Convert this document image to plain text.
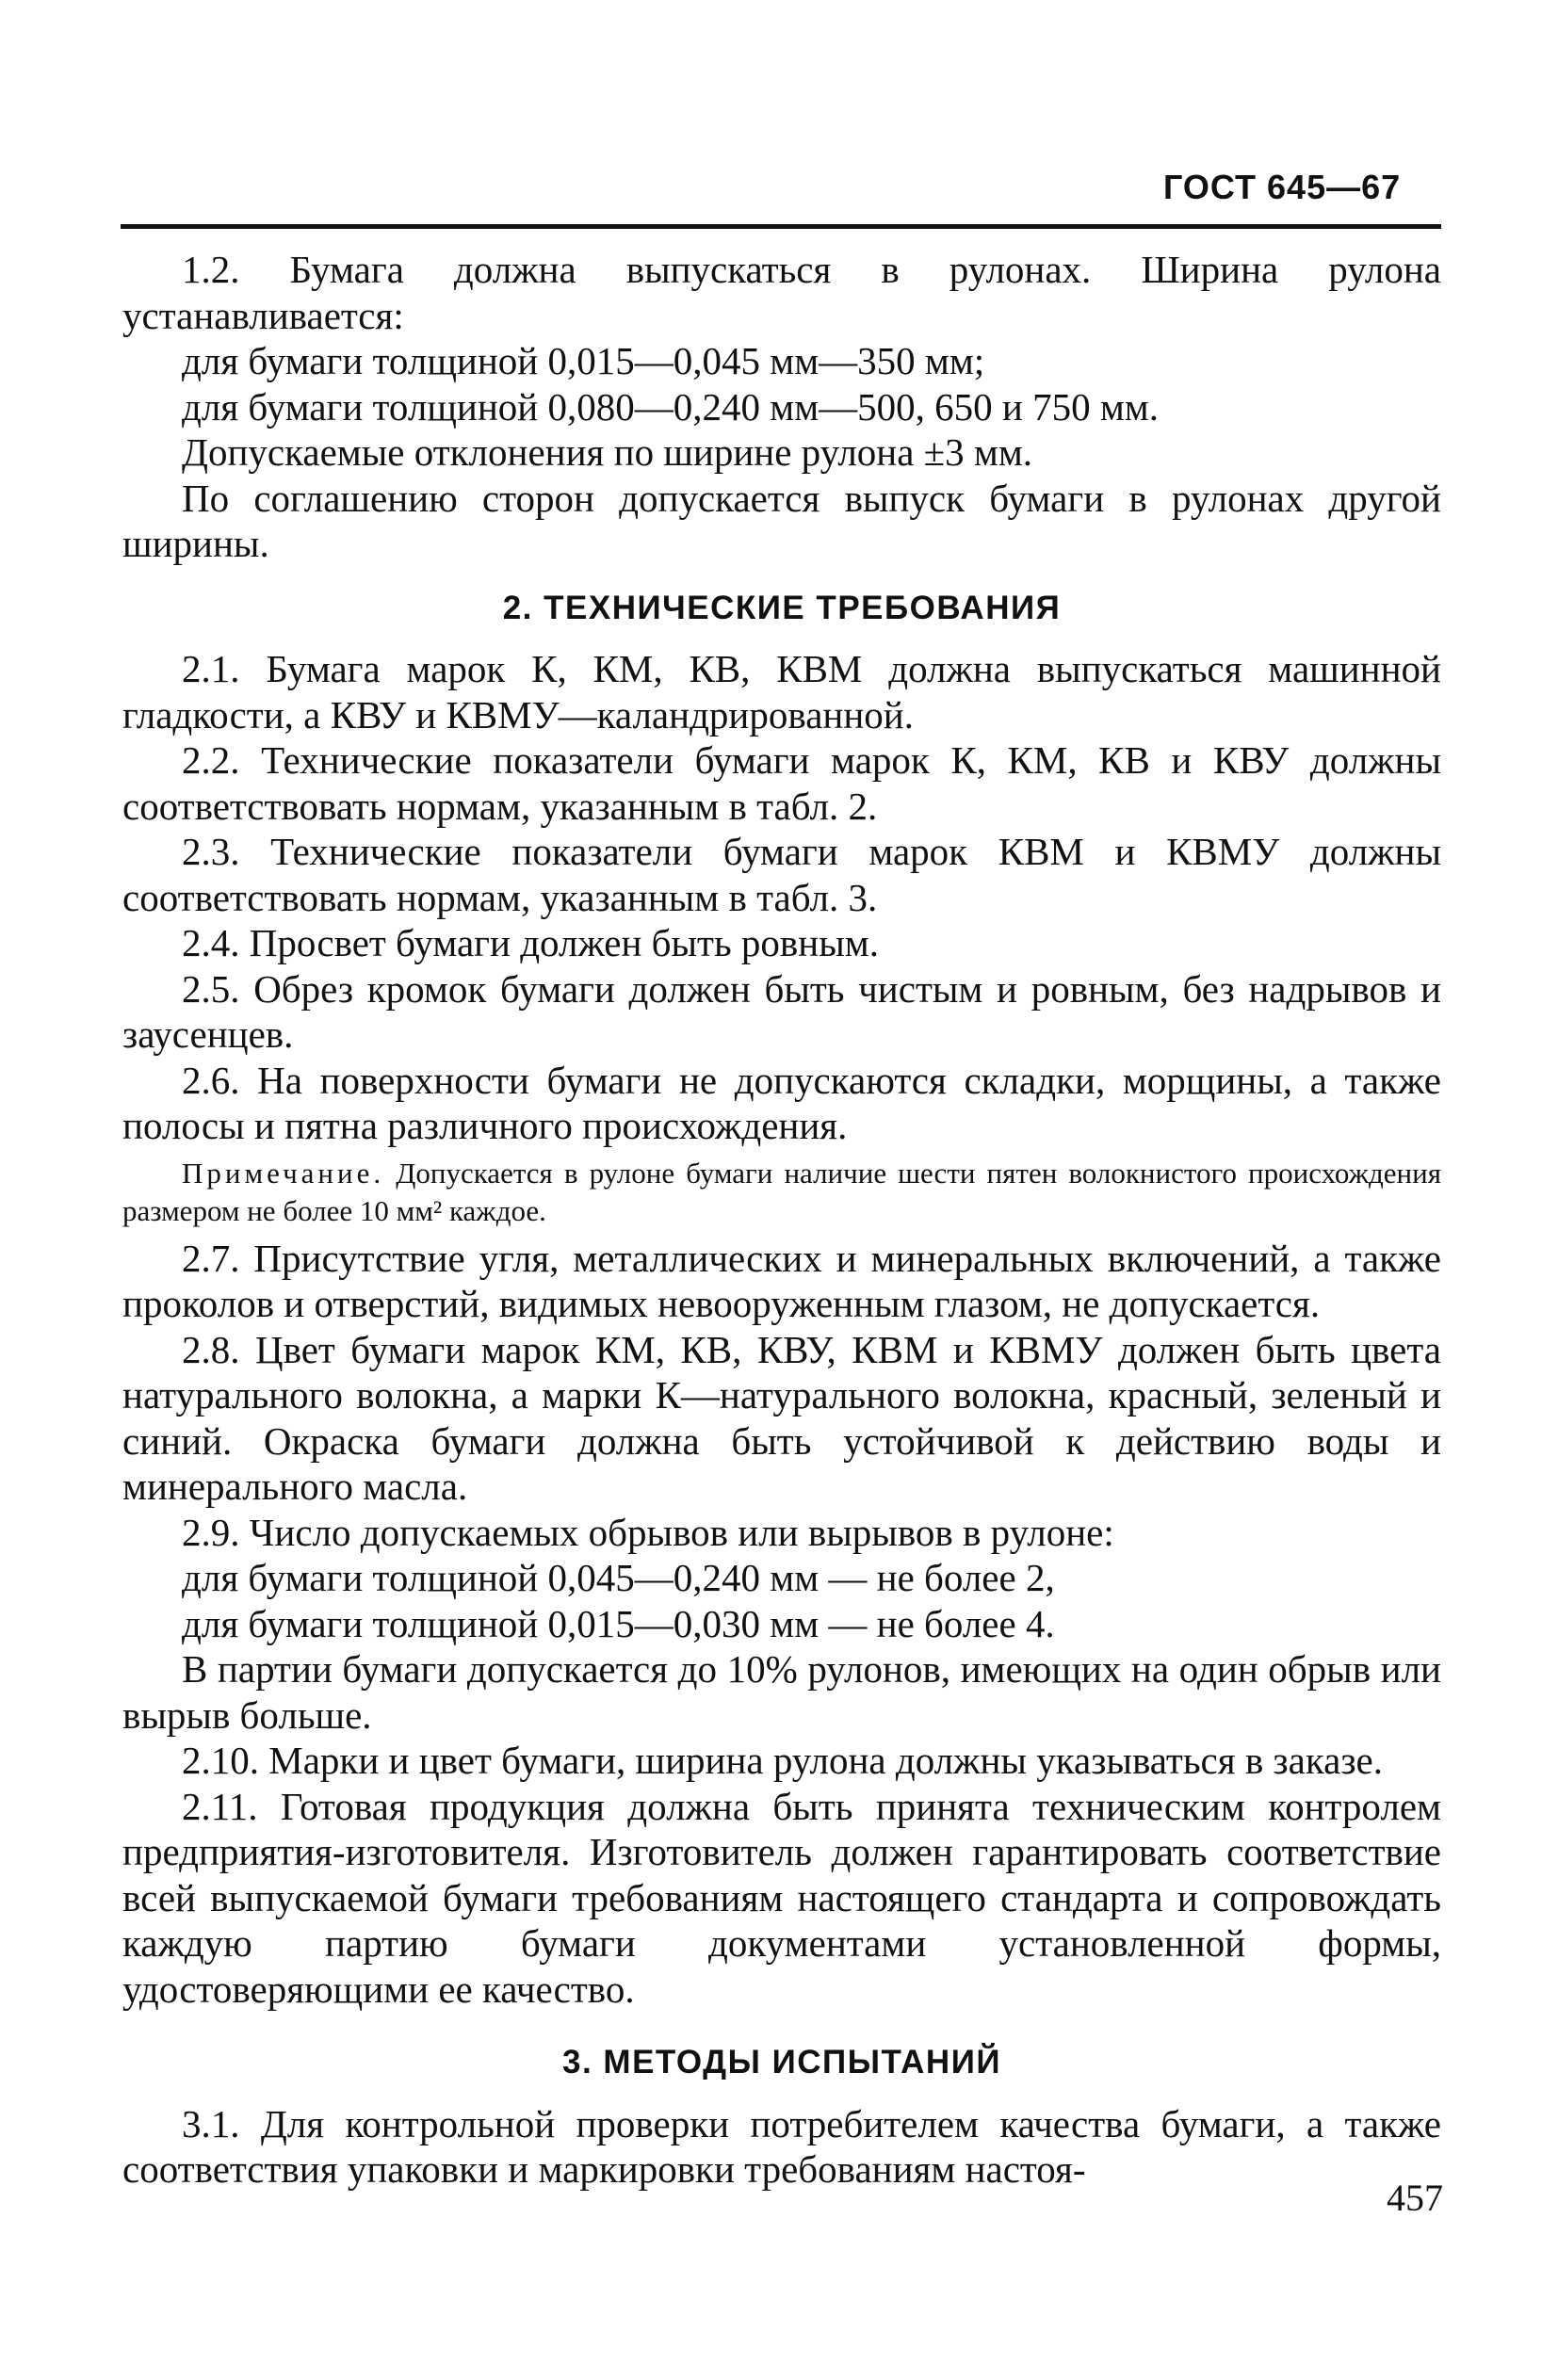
ГОСТ 645—67

1.2. Бумага должна выпускаться в рулонах. Ширина рулона устанавливается:

для бумаги толщиной 0,015—0,045 мм—350 мм;

для бумаги толщиной 0,080—0,240 мм—500, 650 и 750 мм.

Допускаемые отклонения по ширине рулона ±3 мм.

По соглашению сторон допускается выпуск бумаги в рулонах другой ширины.

2. ТЕХНИЧЕСКИЕ ТРЕБОВАНИЯ

2.1. Бумага марок К, КМ, КВ, КВМ должна выпускаться машинной гладкости, а КВУ и КВМУ—каландрированной.

2.2. Технические показатели бумаги марок К, КМ, КВ и КВУ должны соответствовать нормам, указанным в табл. 2.

2.3. Технические показатели бумаги марок КВМ и КВМУ должны соответствовать нормам, указанным в табл. 3.

2.4. Просвет бумаги должен быть ровным.

2.5. Обрез кромок бумаги должен быть чистым и ровным, без надрывов и заусенцев.

2.6. На поверхности бумаги не допускаются складки, морщины, а также полосы и пятна различного происхождения.

Примечание. Допускается в рулоне бумаги наличие шести пятен волокнистого происхождения размером не более 10 мм² каждое.

2.7. Присутствие угля, металлических и минеральных включений, а также проколов и отверстий, видимых невооруженным глазом, не допускается.

2.8. Цвет бумаги марок КМ, КВ, КВУ, КВМ и КВМУ должен быть цвета натурального волокна, а марки К—натурального волокна, красный, зеленый и синий. Окраска бумаги должна быть устойчивой к действию воды и минерального масла.

2.9. Число допускаемых обрывов или вырывов в рулоне:

для бумаги толщиной 0,045—0,240 мм — не более 2,

для бумаги толщиной 0,015—0,030 мм — не более 4.

В партии бумаги допускается до 10% рулонов, имеющих на один обрыв или вырыв больше.

2.10. Марки и цвет бумаги, ширина рулона должны указываться в заказе.

2.11. Готовая продукция должна быть принята техническим контролем предприятия-изготовителя. Изготовитель должен гарантировать соответствие всей выпускаемой бумаги требованиям настоящего стандарта и сопровождать каждую партию бумаги документами установленной формы, удостоверяющими ее качество.

3. МЕТОДЫ ИСПЫТАНИЙ

3.1. Для контрольной проверки потребителем качества бумаги, а также соответствия упаковки и маркировки требованиям настоя-

457
